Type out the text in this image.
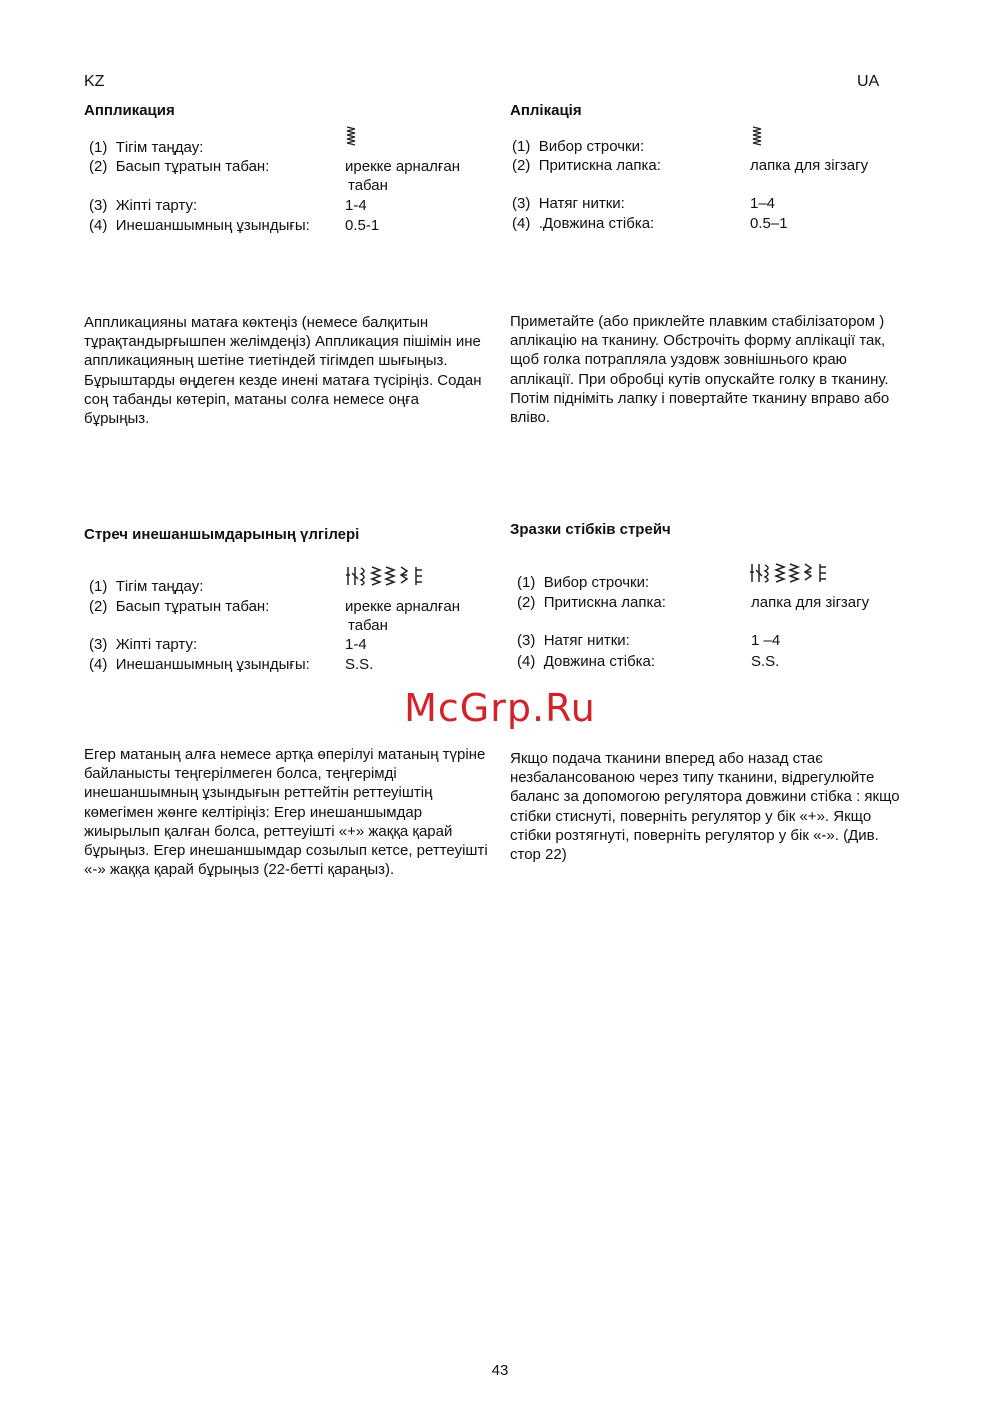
KZ	UA
Аппликация
(1) Тігім таңдау:
(2) Басып тұратын табан:	ирекке арналған
табан
(3) Жіпті тарту:	1-4
(4) Инешаншымның ұзындығы: 0.5-1
Аппликацияны матаға көктеңіз (немесе балқитын тұрақтандырғышпен желімдеңіз) Аппликация пішімін ине аппликацияның шетіне тиетіндей тігімдеп шығыңыз. Бұрыштарды өңдеген кезде инені матаға түсіріңіз. Содан соң табанды көтеріп, матаны солға немесе оңға бұрыңыз.
Аплікація
(1) Вибор строчки:
(2) Притискна лапка:	лапка для зігзагу
(3) Натяг нитки:	1–4
(4) .Довжина стібка:	0.5–1
Приметайте (або приклейте плавким стабілізатором ) аплікацію на тканину. Обстрочіть форму аплікації так, щоб голка потрапляла уздовж зовнішнього краю аплікації. При обробці кутів опускайте голку в тканину. Потім підніміть лапку і повертайте тканину вправо або вліво.
Стреч инешаншымдарының үлгілері
(1) Тігім таңдау:
(2) Басып тұратын табан:	ирекке арналған
табан
(3) Жіпті тарту:	1-4
(4) Инешаншымның ұзындығы: S.S.
Егер матаның алға немесе артқа өперілуі матаның түріне байланысты теңгерілмеген болса, теңгерімді инешаншымның ұзындығын реттейтін реттеуіштің көмегімен жөнге келтіріңіз: Егер инешаншымдар жиырылып қалған болса, реттеуішті «+» жаққа қарай бұрыңыз. Егер инешаншымдар созылып кетсе, реттеуішті «-» жаққа қарай бұрыңыз (22-бетті қараңыз).
Зразки стібків стрейч
(1) Вибор строчки:
(2) Притискна лапка:	лапка для зігзагу
(3) Натяг нитки:	1 –4
(4) Довжина стібка:	S.S.
Якщо подача тканини вперед або назад стає незбалансованою через типу тканини, відрегулюйте баланс за допомогою регулятора довжини стібка : якщо стібки стиснуті, поверніть регулятор у бік «+». Якщо стібки розтягнуті, поверніть регулятор у бік «-». (Див. стор 22)
McGrp.Ru
43
